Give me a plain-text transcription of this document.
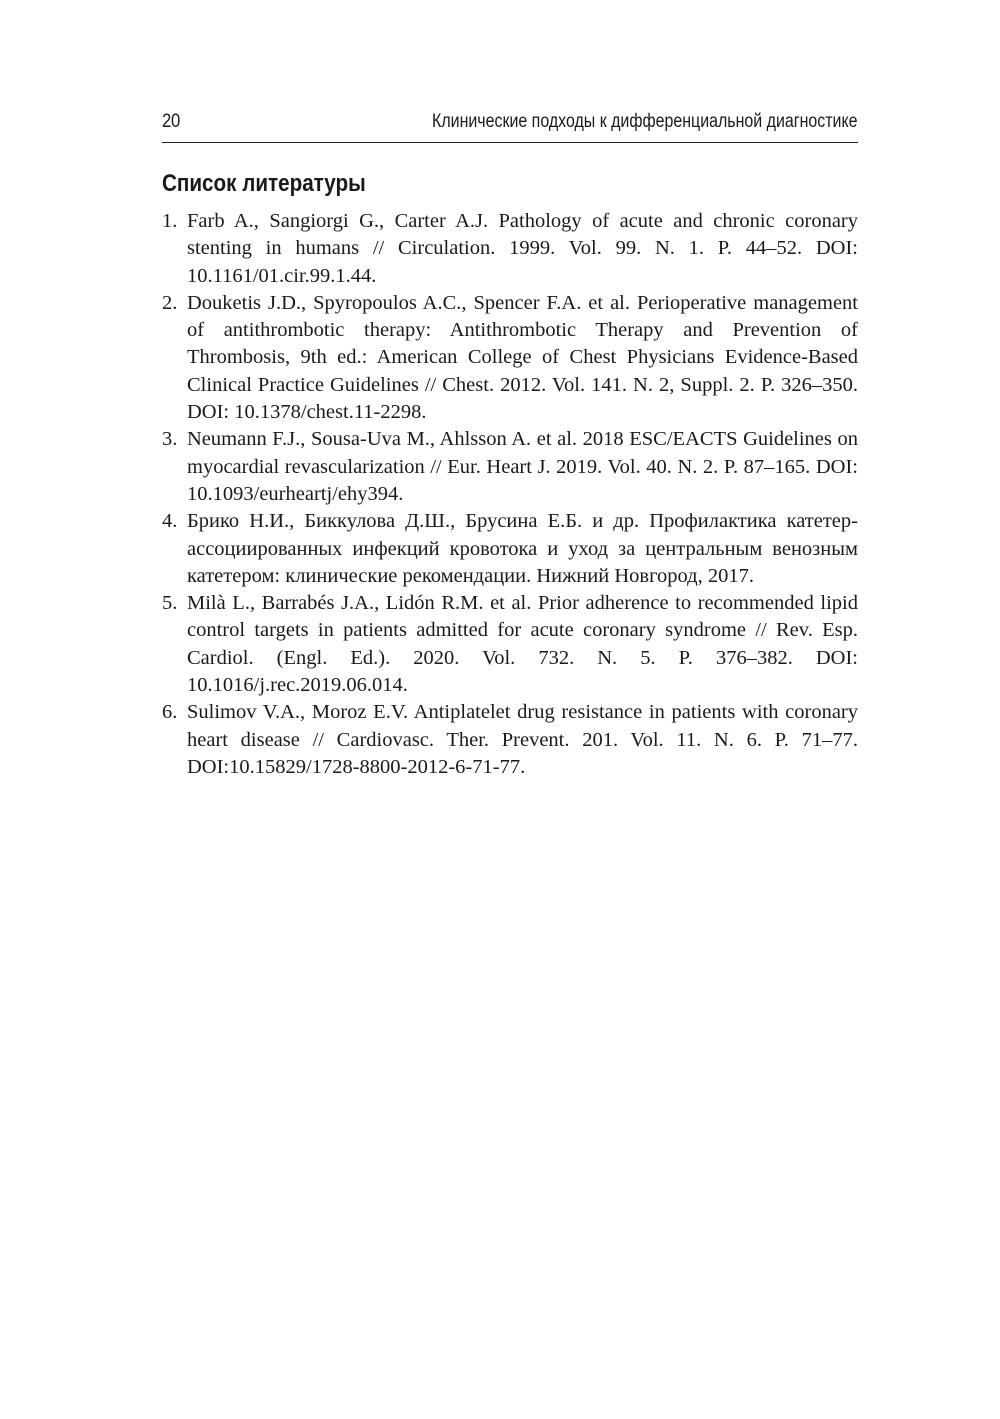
20	Клинические подходы к дифференциальной диагностике
Список литературы
1. Farb A., Sangiorgi G., Carter A.J. Pathology of acute and chronic coronary stenting in humans // Circulation. 1999. Vol. 99. N. 1. P. 44–52. DOI: 10.1161/01.cir.99.1.44.
2. Douketis J.D., Spyropoulos A.C., Spencer F.A. et al. Perioperative management of antithrombotic therapy: Antithrombotic Therapy and Prevention of Thrombosis, 9th ed.: American College of Chest Physicians Evidence-Based Clinical Practice Guidelines // Chest. 2012. Vol. 141. N. 2, Suppl. 2. P. 326–350. DOI: 10.1378/chest.11-2298.
3. Neumann F.J., Sousa-Uva M., Ahlsson A. et al. 2018 ESC/EACTS Guidelines on myocardial revascularization // Eur. Heart J. 2019. Vol. 40. N. 2. P. 87–165. DOI: 10.1093/eurheartj/ehy394.
4. Брико Н.И., Биккулова Д.Ш., Брусина Е.Б. и др. Профилактика катетер-ассоциированных инфекций кровотока и уход за центральным венозным катетером: клинические рекомендации. Нижний Новгород, 2017.
5. Milà L., Barrabés J.A., Lidón R.M. et al. Prior adherence to recommended lipid control targets in patients admitted for acute coronary syndrome // Rev. Esp. Cardiol. (Engl. Ed.). 2020. Vol. 732. N. 5. P. 376–382. DOI: 10.1016/j.rec.2019.06.014.
6. Sulimov V.A., Moroz E.V. Antiplatelet drug resistance in patients with coronary heart disease // Cardiovasc. Ther. Prevent. 201. Vol. 11. N. 6. P. 71–77. DOI:10.15829/1728-8800-2012-6-71-77.
